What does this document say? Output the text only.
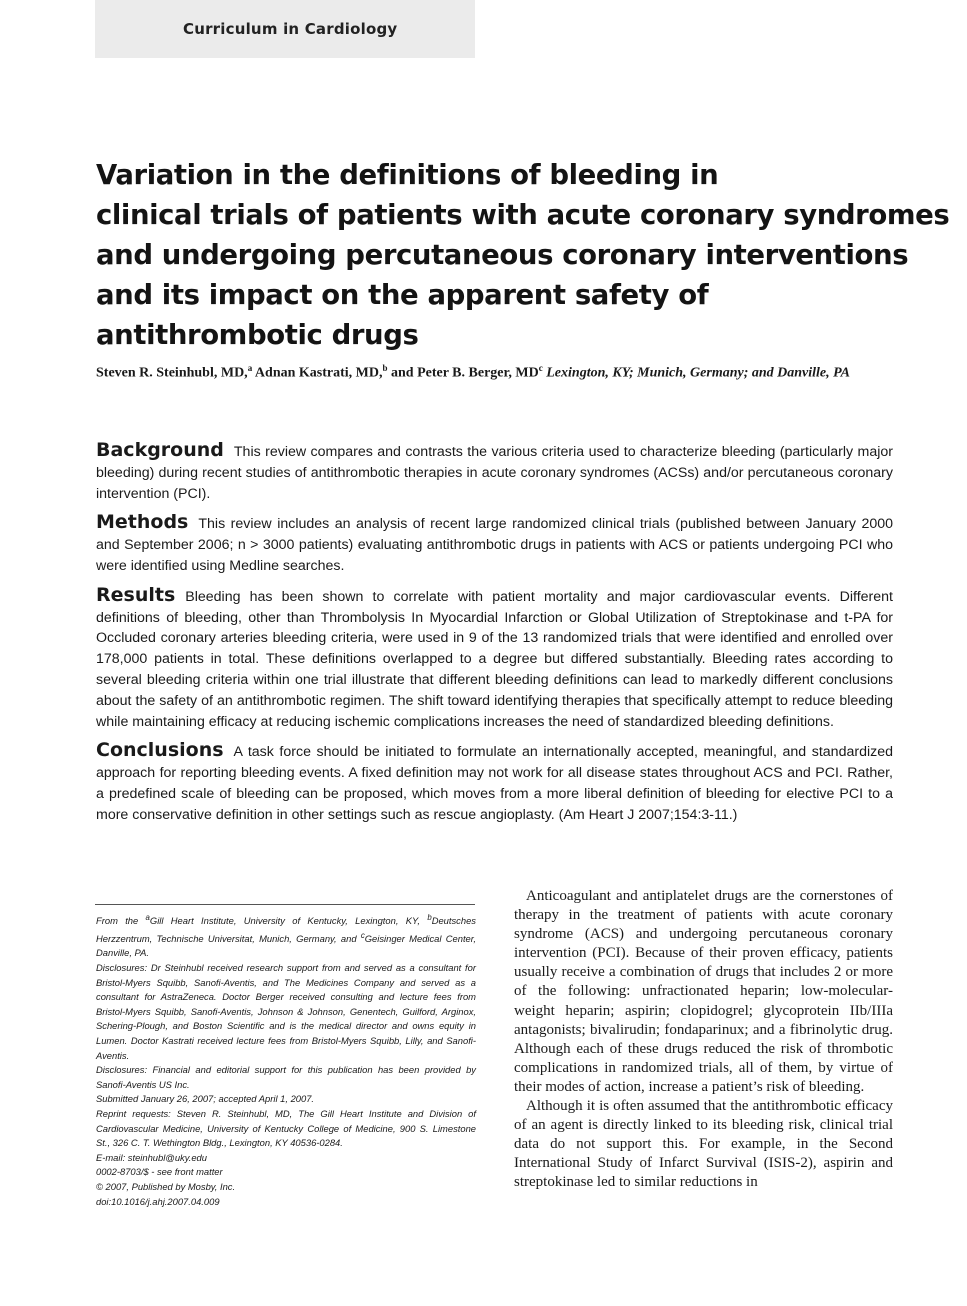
Curriculum in Cardiology
Variation in the definitions of bleeding in
clinical trials of patients with acute coronary syndromes
and undergoing percutaneous coronary interventions
and its impact on the apparent safety of
antithrombotic drugs
Steven R. Steinhubl, MD,$^a$ Adnan Kastrati, MD,$^b$ and Peter B. Berger, $MD^c$ Lexington, KY; Munich, Germany; and Danville, PA

Background This review compares and contrasts the various criteria used to characterize bleeding (particularly major bleeding) during recent studies of antithrombotic therapies in acute coronary syndromes (ACSs) and/or percutaneous coronary intervention (PCI).

Methods This review includes an analysis of recent large randomized clinical trials (published between January 2000 and September 2006; n > 3000 patients) evaluating antithrombotic drugs in patients with ACS or patients undergoing PCI who were identified using Medline searches.

Results Bleeding has been shown to correlate with patient mortality and major cardiovascular events. Different definitions of bleeding, other than Thrombolysis In Myocardial Infarction or Global Utilization of Streptokinase and t-PA for Occluded coronary arteries bleeding criteria, were used in 9 of the 13 randomized trials that were identified and enrolled over 178,000 patients in total. These definitions overlapped to a degree but differed substantially. Bleeding rates according to several bleeding criteria within one trial illustrate that different bleeding definitions can lead to markedly different conclusions about the safety of an antithrombotic regimen. The shift toward identifying therapies that specifically attempt to reduce bleeding while maintaining efficacy at reducing ischemic complications increases the need of standardized bleeding definitions.

Conclusions A task force should be initiated to formulate an internationally accepted, meaningful, and standardized approach for reporting bleeding events. A fixed definition may not work for all disease states throughout ACS and PCI. Rather, a predefined scale of bleeding can be proposed, which moves from a more liberal definition of bleeding for elective PCI to a more conservative definition in other settings such as rescue angioplasty. (Am Heart J 2007;154:3-11.)

From the $^a$Gill Heart Institute, University of Kentucky, Lexington, KY, $^b$Deutsches Herzzentrum, Technische Universitat, Munich, Germany, and $^c$Geisinger Medical Center, Danville, PA.

Disclosures: Dr Steinhubl received research support from and served as a consultant for Bristol-Myers Squibb, Sanofi-Aventis, and The Medicines Company and served as a consultant for AstraZeneca. Doctor Berger received consulting and lecture fees from Bristol-Myers Squibb, Sanofi-Aventis, Johnson & Johnson, Genentech, Guilford, Arginox, Schering-Plough, and Boston Scientific and is the medical director and owns equity in Lumen. Doctor Kastrati received lecture fees from Bristol-Myers Squibb, Lilly, and Sanofi-Aventis.

Disclosures: Financial and editorial support for this publication has been provided by Sanofi-Aventis US Inc.

Submitted January 26, 2007; accepted April 1, 2007.

Reprint requests: Steven R. Steinhubl, MD, The Gill Heart Institute and Division of Cardiovascular Medicine, University of Kentucky College of Medicine, 900 S. Limestone St., 326 C. T. Wethington Bldg., Lexington, KY 40536-0284.

E-mail: steinhubl@uky.edu

0002-8703/$ - see front matter

© 2007, Published by Mosby, Inc.

doi:10.1016/j.ahj.2007.04.009

Anticoagulant and antiplatelet drugs are the cornerstones of therapy in the treatment of patients with acute coronary syndrome (ACS) and undergoing percutaneous coronary intervention (PCI). Because of their proven efficacy, patients usually receive a combination of drugs that includes 2 or more of the following: unfractionated heparin; low-molecular-weight heparin; aspirin; clopidogrel; glycoprotein IIb/IIIa antagonists; bivalirudin; fondaparinux; and a fibrinolytic drug. Although each of these drugs reduced the risk of thrombotic complications in randomized trials, all of them, by virtue of their modes of action, increase a patient’s risk of bleeding.

Although it is often assumed that the antithrombotic efficacy of an agent is directly linked to its bleeding risk, clinical trial data do not support this. For example, in the Second International Study of Infarct Survival (ISIS-2), aspirin and streptokinase led to similar reductions in
